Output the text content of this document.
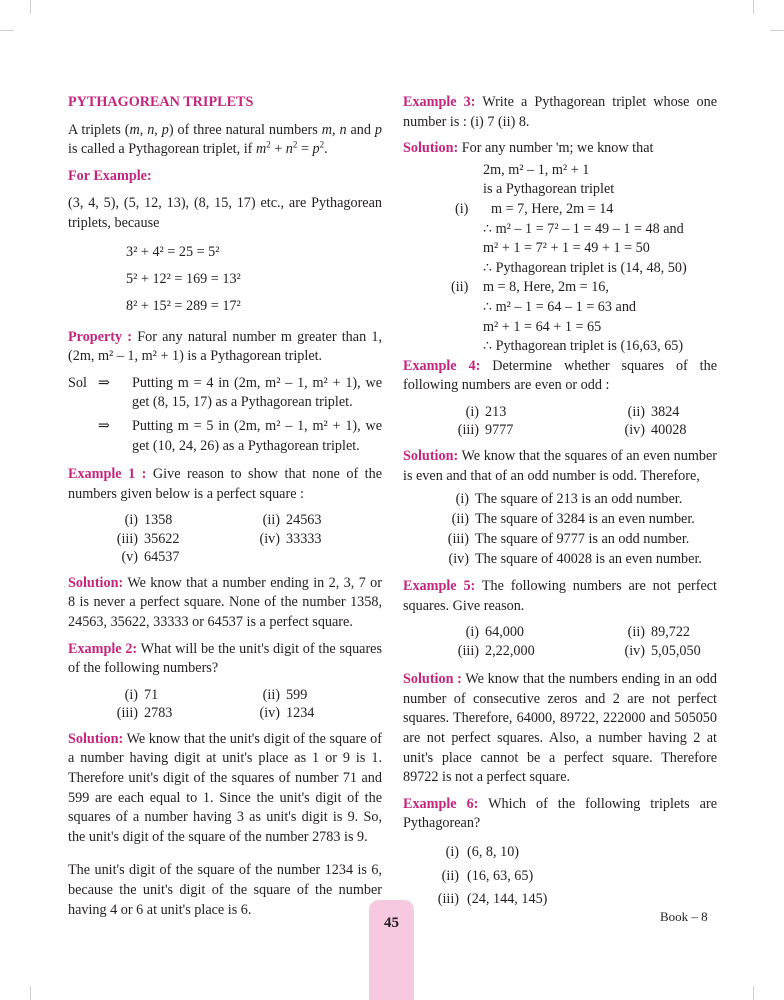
PYTHAGOREAN TRIPLETS

A triplets (m, n, p) of three natural numbers m, n and p is called a Pythagorean triplet, if $m^2 + n^2 = p^2$.

For Example:

(3, 4, 5), (5, 12, 13), (8, 15, 17) etc., are Pythagorean triplets, because

3² + 4² = 25 = 5²
5² + 12² = 169 = 13²
8² + 15² = 289 = 17²

Property : For any natural number m greater than 1, (2m, m² – 1, m² + 1) is a Pythagorean triplet.

Sol ⇒	Putting m = 4 in (2m, m² – 1, m² + 1), we get (8, 15, 17) as a Pythagorean triplet.
⇒	Putting m = 5 in (2m, m² – 1, m² + 1), we get (10, 24, 26) as a Pythagorean triplet.

Example 1 : Give reason to show that none of the numbers given below is a perfect square :

(i) 1358	(ii) 24563
(iii) 35622	(iv) 33333
(v) 64537

Solution: We know that a number ending in 2, 3, 7 or 8 is never a perfect square. None of the number 1358, 24563, 35622, 33333 or 64537 is a perfect square.

Example 2: What will be the unit's digit of the squares of the following numbers?

(i) 71	(ii) 599
(iii) 2783	(iv) 1234

Solution: We know that the unit's digit of the square of a number having digit at unit's place as 1 or 9 is 1. Therefore unit's digit of the squares of number 71 and 599 are each equal to 1. Since the unit's digit of the squares of a number having 3 as unit's digit is 9. So, the unit's digit of the square of the number 2783 is 9.

The unit's digit of the square of the number 1234 is 6, because the unit's digit of the square of the number having 4 or 6 at unit's place is 6.

Example 3: Write a Pythagorean triplet whose one number is : (i) 7 (ii) 8.

Solution: For any number 'm; we know that
2m, m² – 1, m² + 1
is a Pythagorean triplet
(i)	m = 7, Here, 2m = 14
∴ m² – 1 = 7² – 1 = 49 – 1 = 48 and
m² + 1 = 7² + 1 = 49 + 1 = 50
∴ Pythagorean triplet is (14, 48, 50)
(ii)	m = 8, Here, 2m = 16,
∴ m² – 1 = 64 – 1 = 63 and
m² + 1 = 64 + 1 = 65
∴ Pythagorean triplet is (16,63, 65)

Example 4: Determine whether squares of the following numbers are even or odd :

(i) 213	(ii) 3824
(iii) 9777	(iv) 40028

Solution: We know that the squares of an even number is even and that of an odd number is odd. Therefore,

(i) The square of 213 is an odd number.
(ii) The square of 3284 is an even number.
(iii) The square of 9777 is an odd number.
(iv) The square of 40028 is an even number.

Example 5: The following numbers are not perfect squares. Give reason.

(i) 64,000	(ii) 89,722
(iii) 2,22,000	(iv) 5,05,050

Solution : We know that the numbers ending in an odd number of consecutive zeros and 2 are not perfect squares. Therefore, 64000, 89722, 222000 and 505050 are not perfect squares. Also, a number having 2 at unit's place cannot be a perfect square. Therefore 89722 is not a perfect square.

Example 6: Which of the following triplets are Pythagorean?

(i) (6, 8, 10)
(ii) (16, 63, 65)
(iii) (24, 144, 145)
45	Book – 8
